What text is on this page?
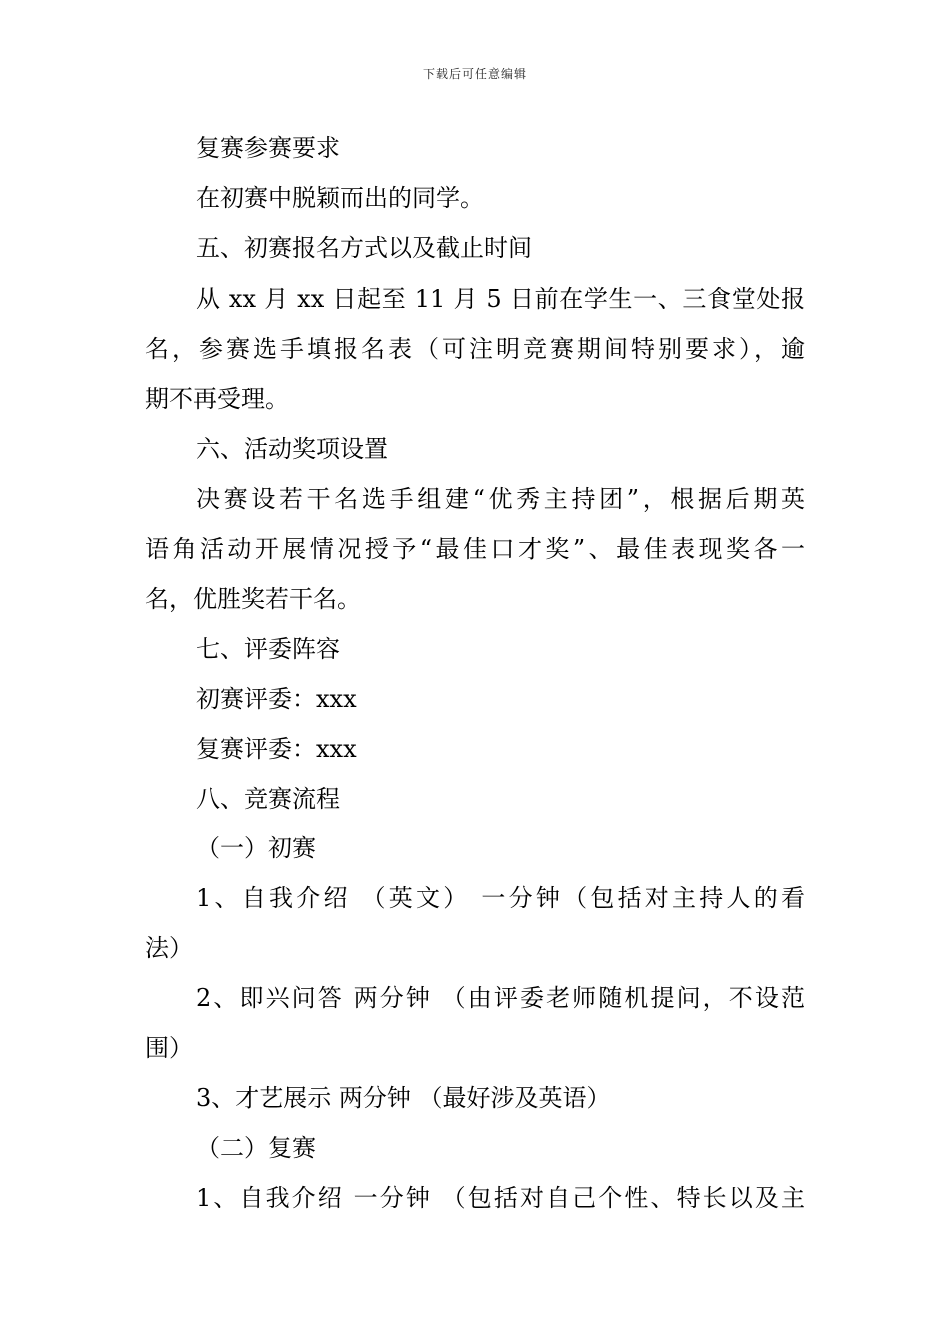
下载后可任意编辑
复赛参赛要求
在初赛中脱颖而出的同学。
五、初赛报名方式以及截止时间
从 xx 月 xx 日起至 11 月 5 日前在学生一、三食堂处报
名，参赛选手填报名表（可注明竞赛期间特别要求），逾
期不再受理。
六、活动奖项设置
决赛设若干名选手组建“优秀主持团”，根据后期英
语角活动开展情况授予“最佳口才奖”、最佳表现奖各一
名，优胜奖若干名。
七、评委阵容
初赛评委：xxx
复赛评委：xxx
八、竞赛流程
（一）初赛
1、自我介绍 （英文） 一分钟（包括对主持人的看
法）
2、即兴问答 两分钟 （由评委老师随机提问，不设范
围）
3、才艺展示 两分钟 （最好涉及英语）
（二）复赛
1、自我介绍 一分钟 （包括对自己个性、特长以及主
